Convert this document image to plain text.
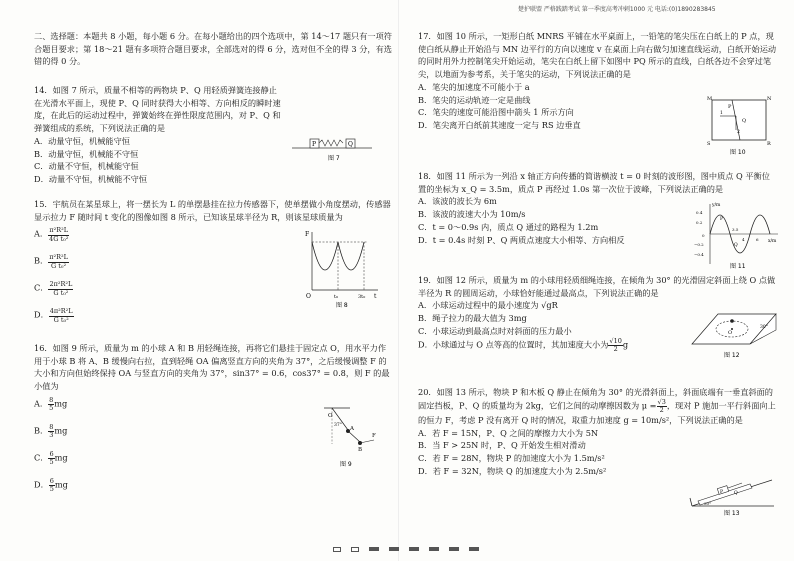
楚护联盟 严格践踏考试 第一季度高考冲刺1000 元 电话:(0)1890283845

二、选择题：本题共 8 小题，每小题 6 分。在每小题给出的四个选项中，第 14～17 题只有一项符合题目要求；第 18～21 题有多项符合题目要求，全部选对的得 6 分，选对但不全的得 3 分，有选错的得 0 分。

14．如图 7 所示，质量不相等的两物块 P、Q 用轻质弹簧连接静止在光滑水平面上，现使 P、Q 同时获得大小相等、方向相反的瞬时速度，在此后的运动过程中，弹簧始终在弹性限度范围内，对 P、Q 和弹簧组成的系统，下列说法正确的是

A．动量守恒，机械能守恒

B．动量守恒，机械能不守恒

C．动量不守恒，机械能守恒

D．动量不守恒，机械能不守恒

P	Q
图 7

15．宇航员在某星球上，将一摆长为 L 的单摆悬挂在拉力传感器下，使单摆做小角度摆动，传感器显示拉力 F 随时间 t 变化的图像如图 8 所示，已知该星球半径为 R，则该星球质量为

A． $\frac{\text{π²R²L}}{\text{4G t₀²}}$
B． $\frac{\text{π²R²L}}{\text{G t₀²}}$
C． $\frac{\text{2π²R²L}}{\text{G t₀²}}$
D． $\frac{\text{4π²R²L}}{\text{G t₀²}}$
F
t
O	t₀	3t₀
图 8

16．如图 9 所示，质量为 m 的小球 A 和 B 用轻绳连接，再将它们悬挂于固定点 O，用水平力作用于小球 B 将 A、B 缓慢向右拉，直到轻绳 OA 偏离竖直方向的夹角为 37°，之后缓慢调整 F 的大小和方向但始终保持 OA 与竖直方向的夹角为 37°，sin37° = 0.6，cos37° = 0.8，则 F 的最小值为

A． $\frac{8}{5}$ mg
B． $\frac{8}{3}$ mg
C． $\frac{6}{5}$ mg
D． $\frac{6}{5}$ mg
O
37°
A
B
F
图 9

17．如图 10 所示，一矩形白纸 MNRS 平铺在水平桌面上，一铅笔的笔尖压在白纸上的 P 点，现使白纸从静止开始沿与 MN 边平行的方向以速度 v 在桌面上向右做匀加速直线运动，白纸开始运动的同时用外力控制笔尖开始运动，笔尖在白纸上留下如图中 PQ 所示的直线，白纸各边不会穿过笔尖，以地面为参考系，关于笔尖的运动，下列说法正确的是

A．笔尖的加速度不可能小于 a

B．笔尖的运动轨迹一定是曲线

C．笔尖的速度可能沿图中箭头 1 所示方向

D．笔尖离开白纸前其速度一定与 RS 边垂直

M	N
S	R
P
Q
1
2
图 10

18．如图 11 所示为一列沿 x 轴正方向传播的简谐横波 t = 0 时刻的波形图，图中质点 Q 平衡位置的坐标为 x_Q = 3.5m，质点 P 再经过 1.0s 第一次位于波峰，下列说法正确的是

A．该波的波长为 6m

B．该波的波速大小为 10m/s

C．t = 0～0.9s 内，质点 Q 通过的路程为 1.2m

D．t = 0.4s 时刻 P、Q 两质点速度大小相等、方向相反

y/m
x/m
0.4
0.2
0
−0.2
−0.4
3.5
4	6
P
Q
图 11

19．如图 12 所示，质量为 m 的小球用轻质细绳连接，在倾角为 30° 的光滑固定斜面上绕 O 点做半径为 R 的圆周运动，小球恰好能通过最高点，下列说法正确的是

A．小球运动过程中的最小速度为 √gR

B．绳子拉力的最大值为 3mg

C．小球运动到最高点时对斜面的压力最小

D．小球通过与 O 点等高的位置时，其加速度大小为 $\frac{√10}{2}$ g
O
30°
图 12

20．如图 13 所示，物块 P 和木板 Q 静止在倾角为 30° 的光滑斜面上，斜面底端有一垂直斜面的固定挡板，P、Q 的质量均为 2kg，它们之间的动摩擦因数为 $\mu = \frac{√3}{2}$ ，现对 P 施加一平行斜面向上的恒力 F，考虑 P 没有离开 Q 时的情况，取重力加速度 g = 10m/s²，下列说法正确的是

A．若 F = 15N，P、Q 之间的摩擦力大小为 5N

B．当 F > 25N 时，P、Q 开始发生相对滑动

C．若 F = 28N，物块 P 的加速度大小为 1.5m/s²

D．若 F = 32N，物块 Q 的加速度大小为 2.5m/s²

P Q
30°
图 13
